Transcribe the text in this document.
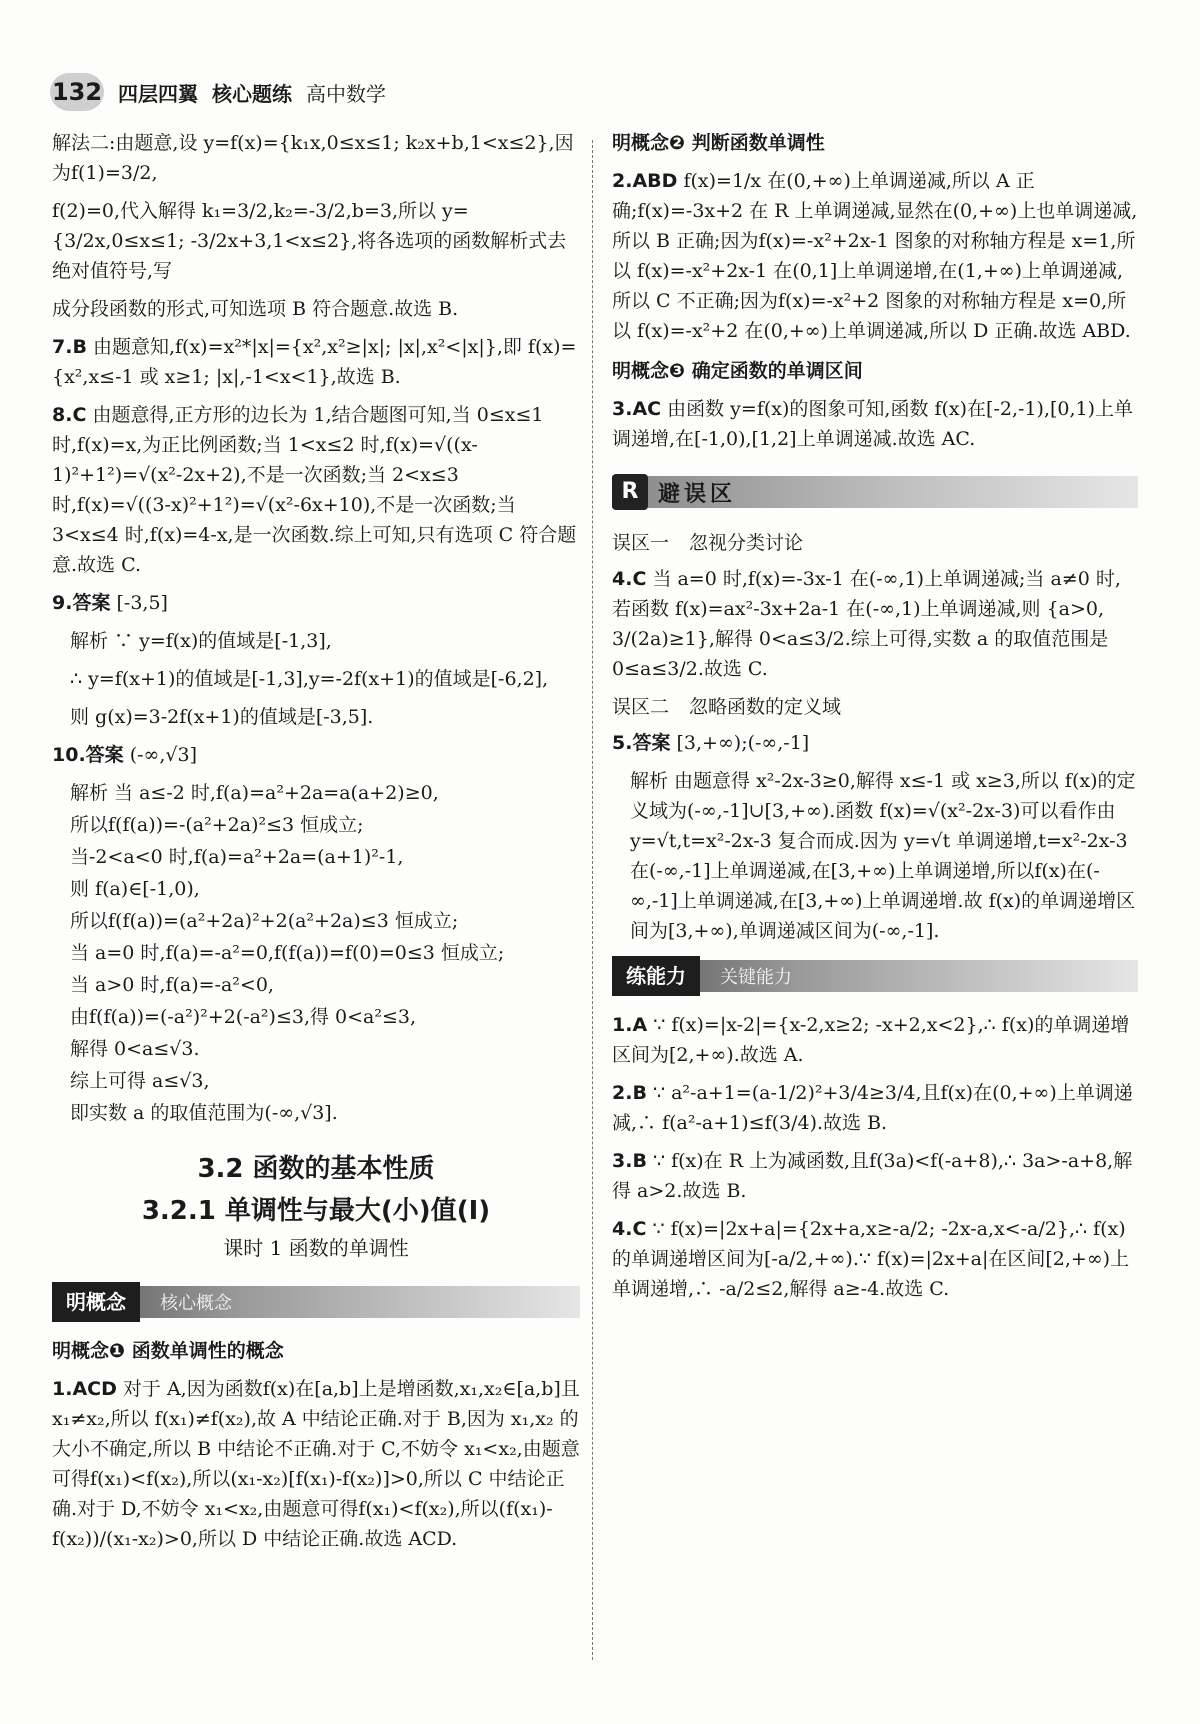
132 四层四翼 核心题练 高中数学

解法二:由题意,设 y=f(x)={k₁x,0≤x≤1; k₂x+b,1<x≤2},因为f(1)=3/2,

f(2)=0,代入解得 k₁=3/2,k₂=-3/2,b=3,所以 y={3/2x,0≤x≤1; -3/2x+3,1<x≤2},将各选项的函数解析式去绝对值符号,写

成分段函数的形式,可知选项 B 符合题意.故选 B.

7.B 由题意知,f(x)=x²*|x|={x²,x²≥|x|; |x|,x²<|x|},即 f(x)={x²,x≤-1 或 x≥1; |x|,-1<x<1},故选 B.

8.C 由题意得,正方形的边长为 1,结合题图可知,当 0≤x≤1 时,f(x)=x,为正比例函数;当 1<x≤2 时,f(x)=√((x-1)²+1²)=√(x²-2x+2),不是一次函数;当 2<x≤3 时,f(x)=√((3-x)²+1²)=√(x²-6x+10),不是一次函数;当 3<x≤4 时,f(x)=4-x,是一次函数.综上可知,只有选项 C 符合题意.故选 C.

9.答案 [-3,5]

解析 ∵ y=f(x)的值域是[-1,3],

∴ y=f(x+1)的值域是[-1,3],y=-2f(x+1)的值域是[-6,2],

则 g(x)=3-2f(x+1)的值域是[-3,5].

10.答案 (-∞,√3]

解析 当 a≤-2 时,f(a)=a²+2a=a(a+2)≥0,

所以f(f(a))=-(a²+2a)²≤3 恒成立;

当-2<a<0 时,f(a)=a²+2a=(a+1)²-1,

则 f(a)∈[-1,0),

所以f(f(a))=(a²+2a)²+2(a²+2a)≤3 恒成立;

当 a=0 时,f(a)=-a²=0,f(f(a))=f(0)=0≤3 恒成立;

当 a>0 时,f(a)=-a²<0,

由f(f(a))=(-a²)²+2(-a²)≤3,得 0<a²≤3,

解得 0<a≤√3.

综上可得 a≤√3,

即实数 a 的取值范围为(-∞,√3].

3.2 函数的基本性质
3.2.1 单调性与最大(小)值(Ⅰ)
课时 1 函数的单调性
明概念	核心概念
明概念❶ 函数单调性的概念

1.ACD 对于 A,因为函数f(x)在[a,b]上是增函数,x₁,x₂∈[a,b]且 x₁≠x₂,所以 f(x₁)≠f(x₂),故 A 中结论正确.对于 B,因为 x₁,x₂ 的大小不确定,所以 B 中结论不正确.对于 C,不妨令 x₁<x₂,由题意可得f(x₁)<f(x₂),所以(x₁-x₂)[f(x₁)-f(x₂)]>0,所以 C 中结论正确.对于 D,不妨令 x₁<x₂,由题意可得f(x₁)<f(x₂),所以(f(x₁)-f(x₂))/(x₁-x₂)>0,所以 D 中结论正确.故选 ACD.

明概念❷ 判断函数单调性

2.ABD f(x)=1/x 在(0,+∞)上单调递减,所以 A 正确;f(x)=-3x+2 在 R 上单调递减,显然在(0,+∞)上也单调递减,所以 B 正确;因为f(x)=-x²+2x-1 图象的对称轴方程是 x=1,所以 f(x)=-x²+2x-1 在(0,1]上单调递增,在(1,+∞)上单调递减,所以 C 不正确;因为f(x)=-x²+2 图象的对称轴方程是 x=0,所以 f(x)=-x²+2 在(0,+∞)上单调递减,所以 D 正确.故选 ABD.

明概念❸ 确定函数的单调区间

3.AC 由函数 y=f(x)的图象可知,函数 f(x)在[-2,-1),[0,1)上单调递增,在[-1,0),[1,2]上单调递减.故选 AC.

R 避误区
误区一 忽视分类讨论

4.C 当 a=0 时,f(x)=-3x-1 在(-∞,1)上单调递减;当 a≠0 时,若函数 f(x)=ax²-3x+2a-1 在(-∞,1)上单调递减,则 {a>0, 3/(2a)≥1},解得 0<a≤3/2.综上可得,实数 a 的取值范围是 0≤a≤3/2.故选 C.

误区二 忽略函数的定义域

5.答案 [3,+∞);(-∞,-1]

解析 由题意得 x²-2x-3≥0,解得 x≤-1 或 x≥3,所以 f(x)的定义域为(-∞,-1]∪[3,+∞).函数 f(x)=√(x²-2x-3)可以看作由 y=√t,t=x²-2x-3 复合而成.因为 y=√t 单调递增,t=x²-2x-3 在(-∞,-1]上单调递减,在[3,+∞)上单调递增,所以f(x)在(-∞,-1]上单调递减,在[3,+∞)上单调递增.故 f(x)的单调递增区间为[3,+∞),单调递减区间为(-∞,-1].

练能力	关键能力

1.A ∵ f(x)=|x-2|={x-2,x≥2; -x+2,x<2},∴ f(x)的单调递增区间为[2,+∞).故选 A.

2.B ∵ a²-a+1=(a-1/2)²+3/4≥3/4,且f(x)在(0,+∞)上单调递减,∴ f(a²-a+1)≤f(3/4).故选 B.

3.B ∵ f(x)在 R 上为减函数,且f(3a)<f(-a+8),∴ 3a>-a+8,解得 a>2.故选 B.

4.C ∵ f(x)=|2x+a|={2x+a,x≥-a/2; -2x-a,x<-a/2},∴ f(x)的单调递增区间为[-a/2,+∞).∵ f(x)=|2x+a|在区间[2,+∞)上单调递增,∴ -a/2≤2,解得 a≥-4.故选 C.
